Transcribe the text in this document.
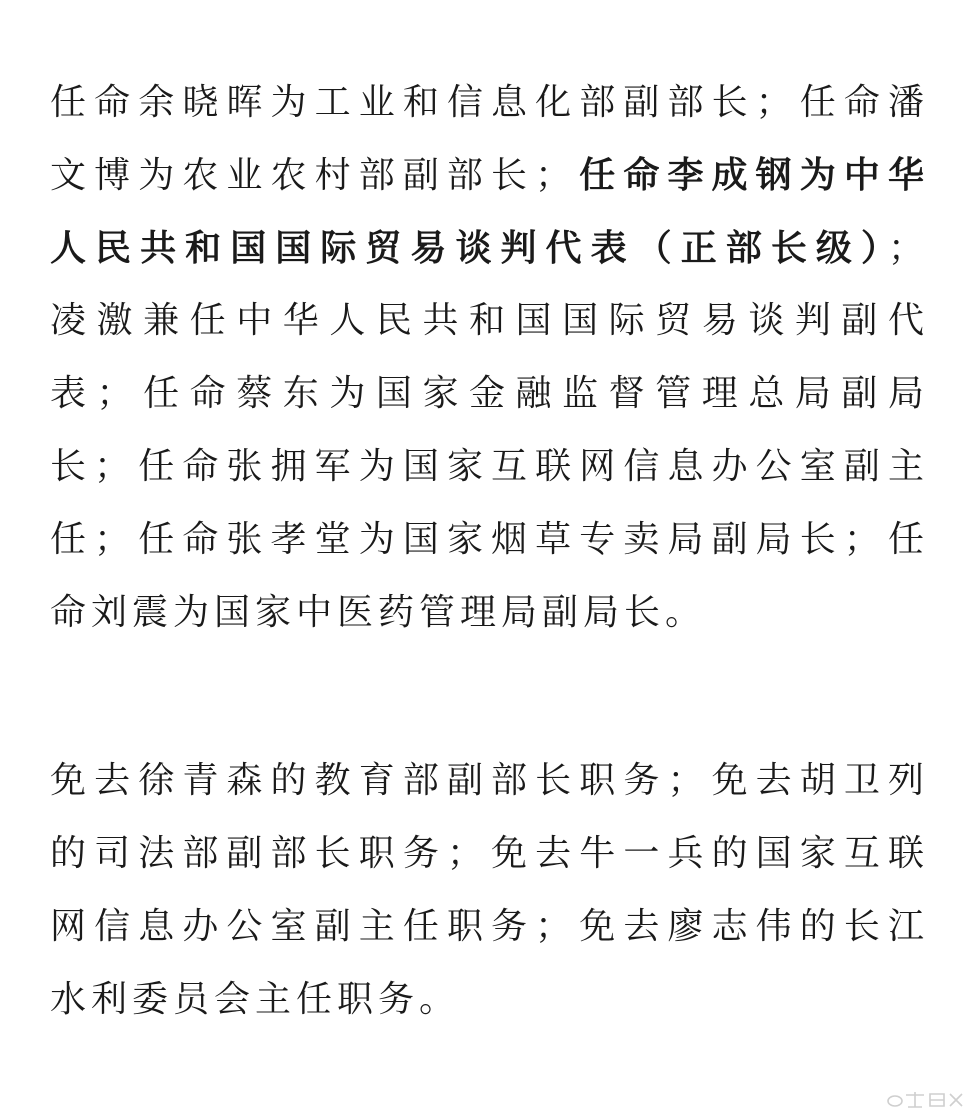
任命余晓晖为工业和信息化部副部长；任命潘
文博为农业农村部副部长；任命李成钢为中华
人民共和国国际贸易谈判代表（正部长级）；
凌激兼任中华人民共和国国际贸易谈判副代
表；任命蔡东为国家金融监督管理总局副局
长；任命张拥军为国家互联网信息办公室副主
任；任命张孝堂为国家烟草专卖局副局长；任
命刘震为国家中医药管理局副局长。
免去徐青森的教育部副部长职务；免去胡卫列
的司法部副部长职务；免去牛一兵的国家互联
网信息办公室副主任职务；免去廖志伟的长江
水利委员会主任职务。
